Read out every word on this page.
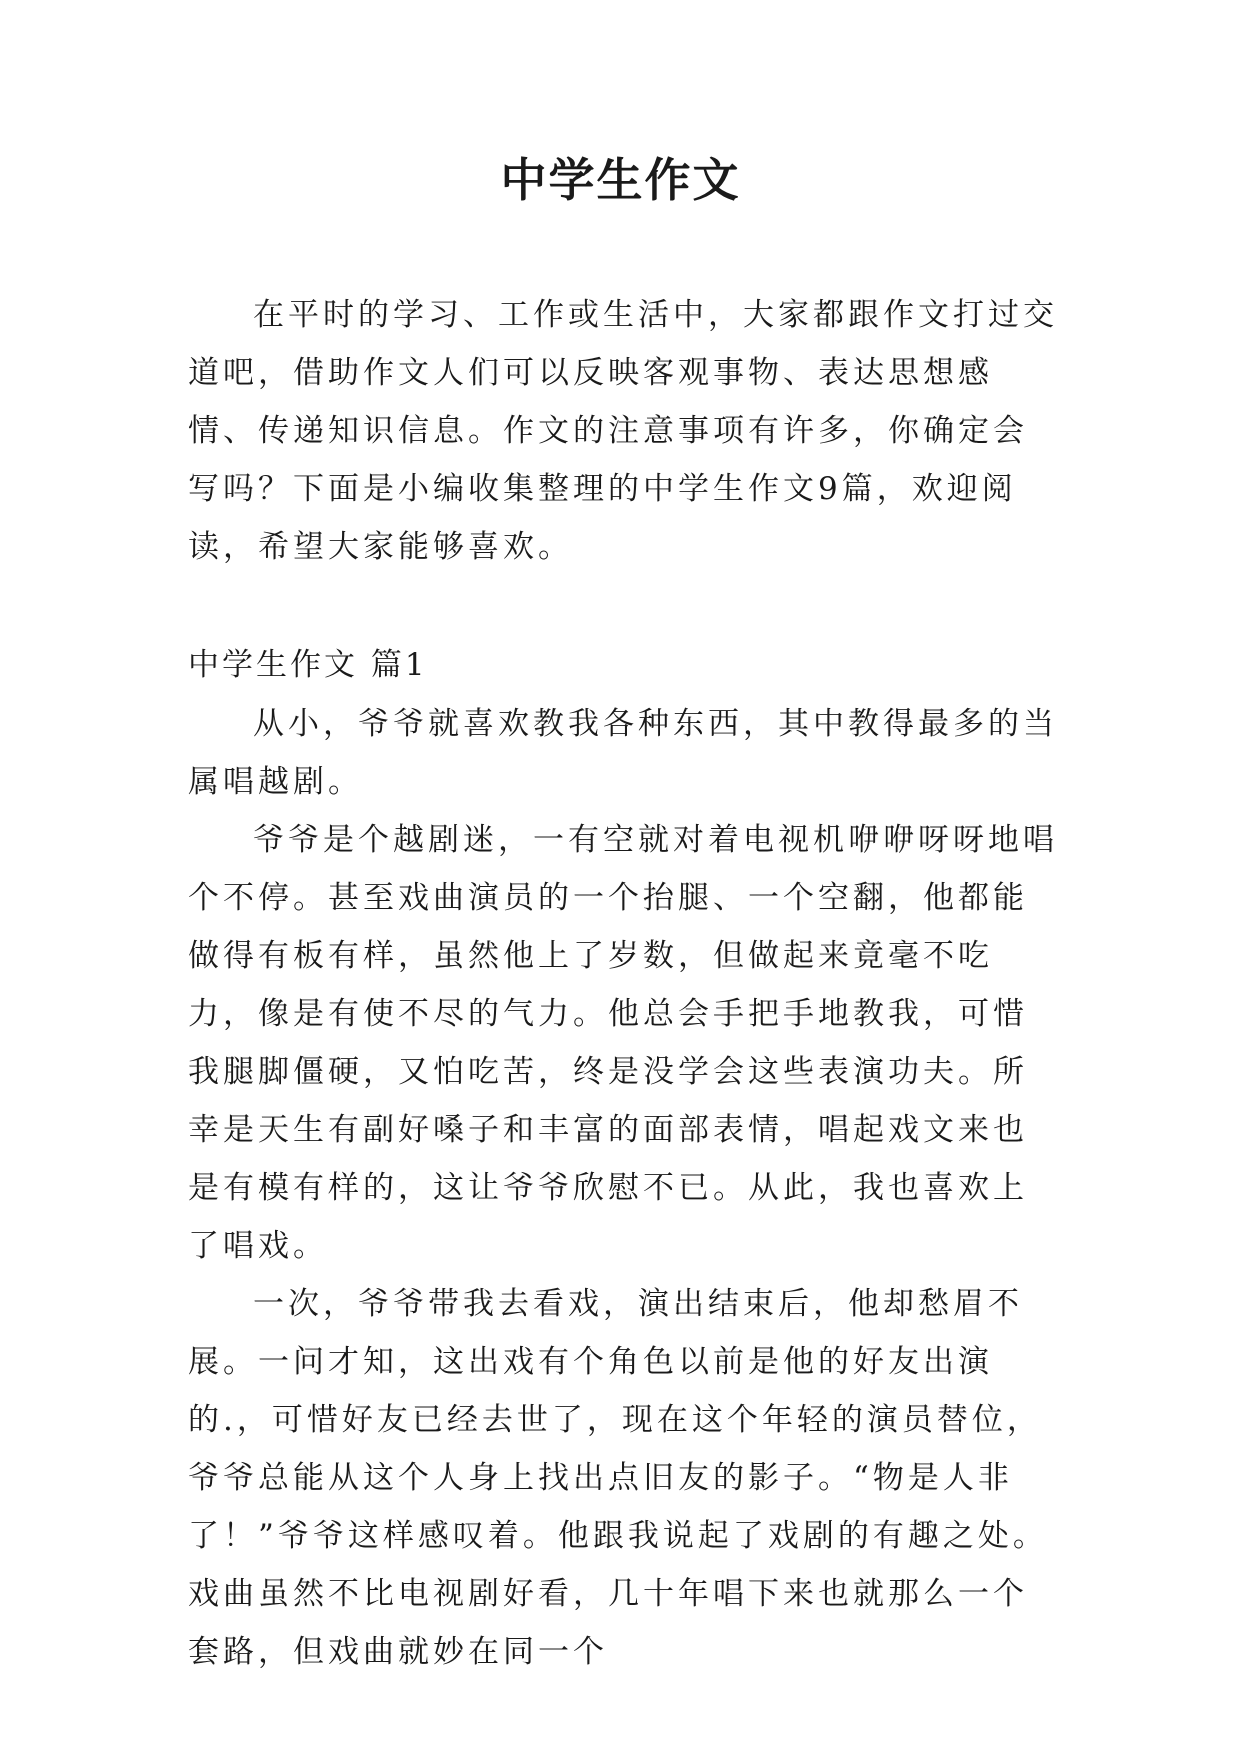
中学生作文

在平时的学习、工作或生活中，大家都跟作文打过交道吧，借助作文人们可以反映客观事物、表达思想感情、传递知识信息。作文的注意事项有许多，你确定会写吗？下面是小编收集整理的中学生作文9篇，欢迎阅读，希望大家能够喜欢。

中学生作文 篇1

从小，爷爷就喜欢教我各种东西，其中教得最多的当属唱越剧。

爷爷是个越剧迷，一有空就对着电视机咿咿呀呀地唱个不停。甚至戏曲演员的一个抬腿、一个空翻，他都能做得有板有样，虽然他上了岁数，但做起来竟毫不吃力，像是有使不尽的气力。他总会手把手地教我，可惜我腿脚僵硬，又怕吃苦，终是没学会这些表演功夫。所幸是天生有副好嗓子和丰富的面部表情，唱起戏文来也是有模有样的，这让爷爷欣慰不已。从此，我也喜欢上了唱戏。

一次，爷爷带我去看戏，演出结束后，他却愁眉不展。一问才知，这出戏有个角色以前是他的好友出演的.，可惜好友已经去世了，现在这个年轻的演员替位，爷爷总能从这个人身上找出点旧友的影子。“物是人非了！”爷爷这样感叹着。他跟我说起了戏剧的有趣之处。戏曲虽然不比电视剧好看，几十年唱下来也就那么一个套路，但戏曲就妙在同一个
